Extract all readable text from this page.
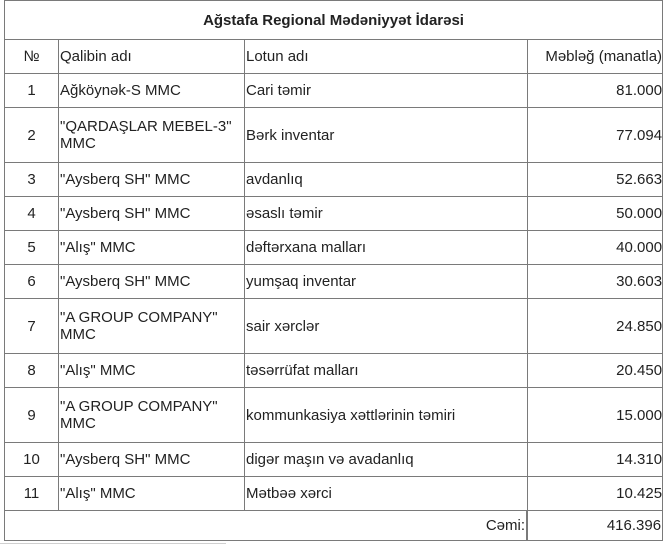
Ağstafa Regional Mədəniyyət İdarəsi			
№	Qalibin adı	Lotun adı	Məbləğ (manatla)
1	Ağköynək-S MMC	Cari təmir	81.000
2	"QARDAŞLAR MEBEL-3" MMC	Bərk inventar	77.094
3	"Aysberq SH" MMC	avdanlıq	52.663
4	"Aysberq SH" MMC	əsaslı təmir	50.000
5	"Alış" MMC	dəftərxana malları	40.000
6	"Aysberq SH" MMC	yumşaq inventar	30.603
7	"A GROUP COMPANY" MMC	sair xərclər	24.850
8	"Alış" MMC	təsərrüfat malları	20.450
9	"A GROUP COMPANY" MMC	kommunkasiya xəttlərinin təmiri	15.000
10	"Aysberq SH" MMC	digər maşın və avadanlıq	14.310
11	"Alış" MMC	Mətbəə xərci	10.425

Cəmi:			416.396
